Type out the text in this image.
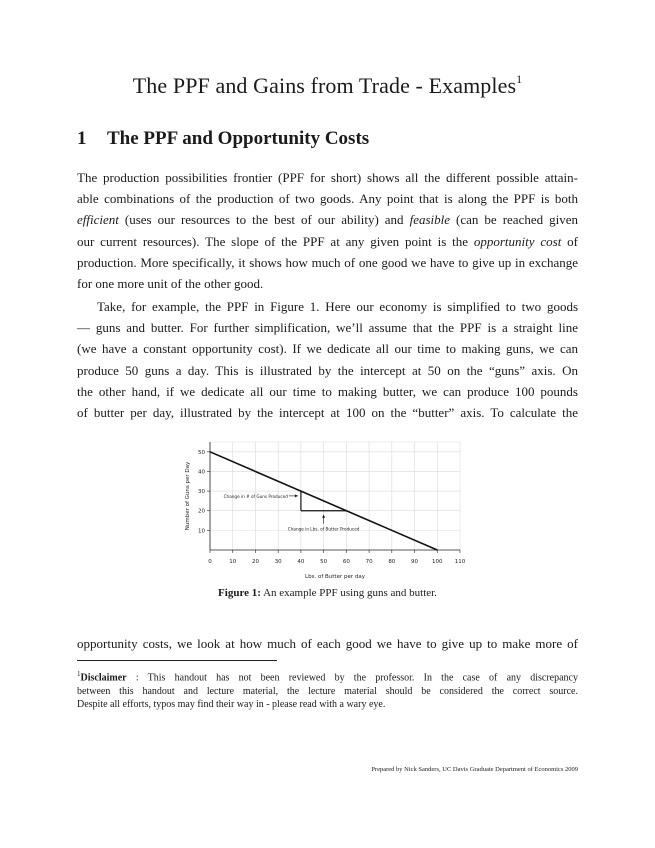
The PPF and Gains from Trade - Examples$^1$
1 The PPF and Opportunity Costs
The production possibilities frontier (PPF for short) shows all the different possible attain-
able combinations of the production of two goods. Any point that is along the PPF is both
efficient (uses our resources to the best of our ability) and feasible (can be reached given
our current resources). The slope of the PPF at any given point is the opportunity cost of
production. More specifically, it shows how much of one good we have to give up in exchange
for one more unit of the other good.
Take, for example, the PPF in Figure 1. Here our economy is simplified to two goods
— guns and butter. For further simplification, we’ll assume that the PPF is a straight line
(we have a constant opportunity cost). If we dedicate all our time to making guns, we can
produce 50 guns a day. This is illustrated by the intercept at 50 on the “guns” axis. On
the other hand, if we dedicate all our time to making butter, we can produce 100 pounds
of butter per day, illustrated by the intercept at 100 on the “butter” axis. To calculate the
0	10	20	30	40	50	60	70	80	90	100 110
10
20
30
40
50
Lbs. of Butter per day
Number of Guns per Day	Change in # of Guns Produced
Change in Lbs. of Butter Produced
Figure 1: An example PPF using guns and butter.
opportunity costs, we look at how much of each good we have to give up to make more of
$^1$Disclaimer : This handout has not been reviewed by the professor. In the case of any discrepancy
between this handout and lecture material, the lecture material should be considered the correct source.
Despite all efforts, typos may find their way in - please read with a wary eye.
Prepared by Nick Sanders, UC Davis Graduate Department of Economics 2009
